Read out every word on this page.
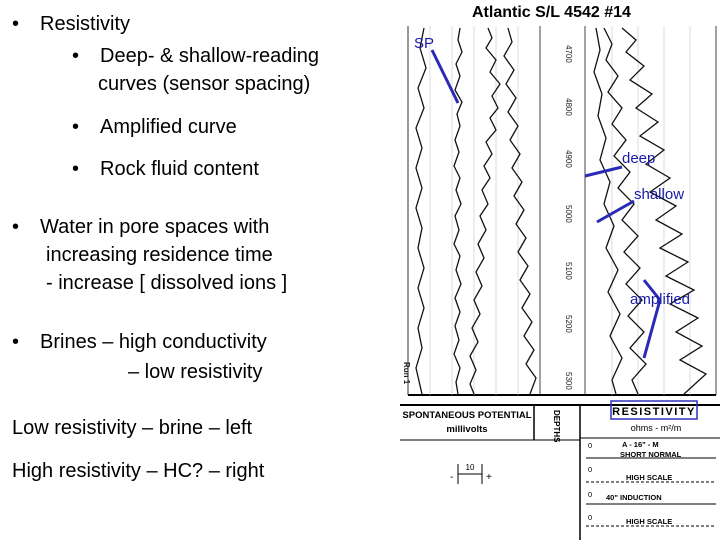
• Resistivity
• Deep- & shallow-reading
curves (sensor spacing)
• Amplified curve
• Rock fluid content
• Water in pore spaces with
increasing residence time
- increase [ dissolved ions ]
• Brines – high conductivity
– low resistivity
Low resistivity – brine – left
High resistivity – HC? – right
Atlantic S/L 4542 #14
4700
4800
4900
5000
5100
5200
5300
Run 1
SPONTANEOUS POTENTIAL
millivolts	DEPTHS
10
-	+
RESISTIVITY
ohms - m²/m
0	A - 16" - M
SHORT NORMAL
0
HIGH SCALE
0 40" INDUCTION
0	HIGH SCALE
SP
deep
shallow
amplified
